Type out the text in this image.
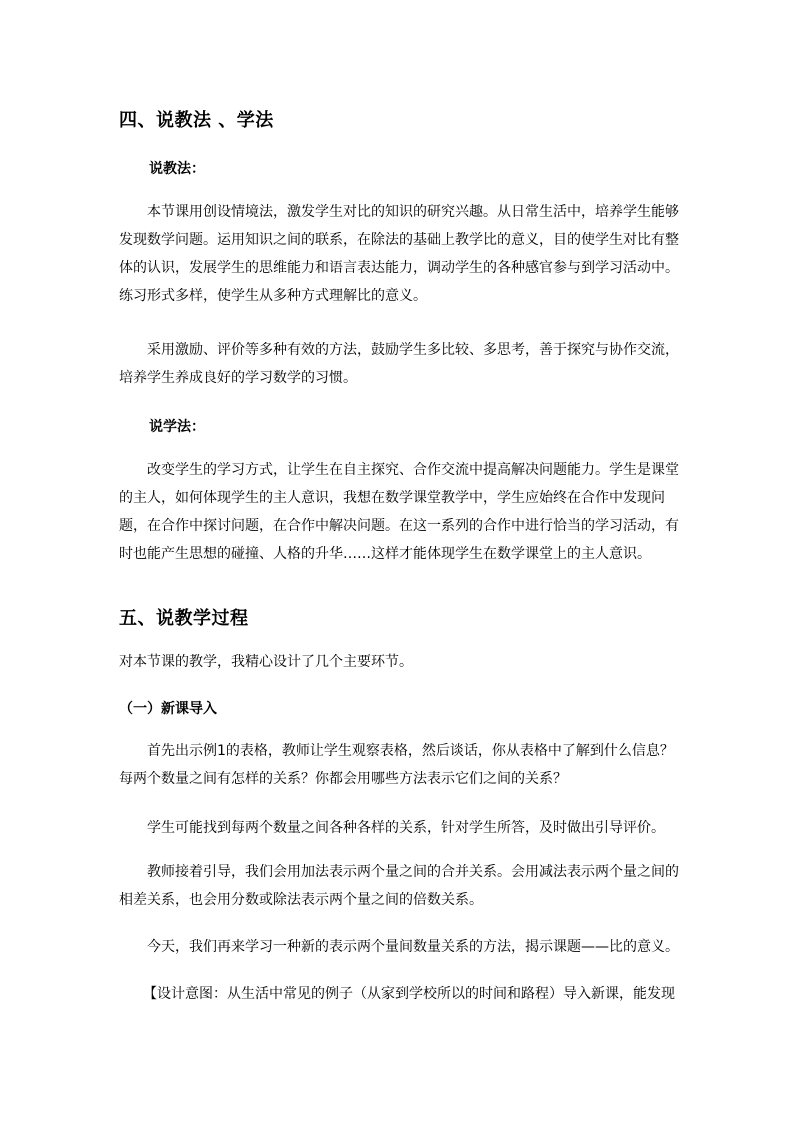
四、说教法 、学法
说教法：
本节课用创设情境法，激发学生对比的知识的研究兴趣。从日常生活中，培养学生能够发现数学问题。运用知识之间的联系，在除法的基础上教学比的意义，目的使学生对比有整体的认识，发展学生的思维能力和语言表达能力，调动学生的各种感官参与到学习活动中。练习形式多样，使学生从多种方式理解比的意义。
采用激励、评价等多种有效的方法，鼓励学生多比较、多思考，善于探究与协作交流，培养学生养成良好的学习数学的习惯。
说学法：
改变学生的学习方式，让学生在自主探究、合作交流中提高解决问题能力。学生是课堂的主人，如何体现学生的主人意识，我想在数学课堂教学中，学生应始终在合作中发现问题，在合作中探讨问题，在合作中解决问题。在这一系列的合作中进行恰当的学习活动，有时也能产生思想的碰撞、人格的升华……这样才能体现学生在数学课堂上的主人意识。
五、说教学过程
对本节课的教学，我精心设计了几个主要环节。
（一）新课导入
首先出示例1的表格，教师让学生观察表格，然后谈话，你从表格中了解到什么信息？每两个数量之间有怎样的关系？你都会用哪些方法表示它们之间的关系？
学生可能找到每两个数量之间各种各样的关系，针对学生所答，及时做出引导评价。
教师接着引导，我们会用加法表示两个量之间的合并关系。会用减法表示两个量之间的相差关系，也会用分数或除法表示两个量之间的倍数关系。
今天，我们再来学习一种新的表示两个量间数量关系的方法，揭示课题——比的意义。
【设计意图：从生活中常见的例子（从家到学校所以的时间和路程）导入新课，能发现
